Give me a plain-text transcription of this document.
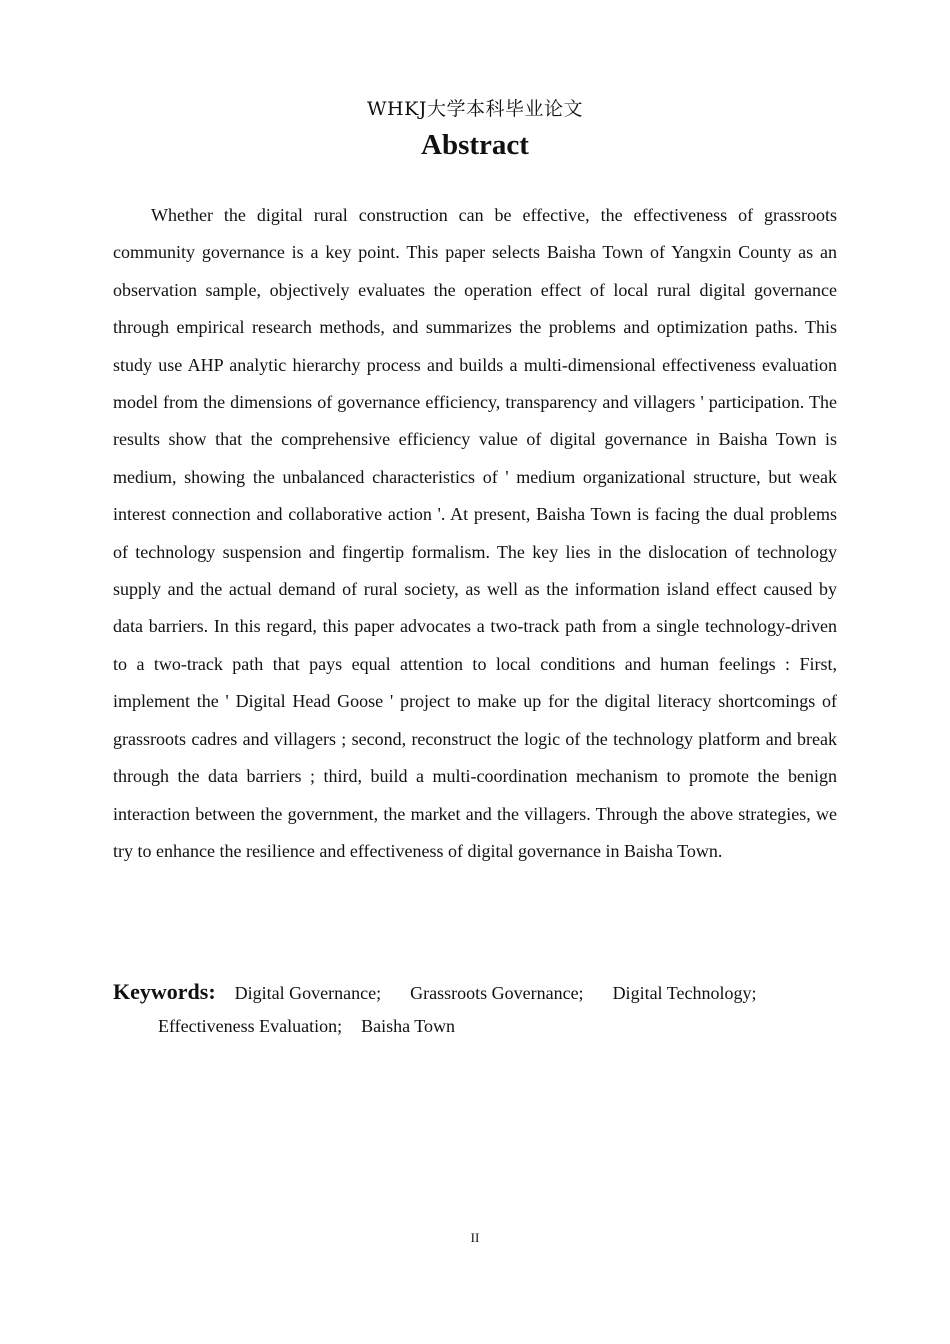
WHKJ大学本科毕业论文
Abstract

Whether the digital rural construction can be effective, the effectiveness of grassroots community governance is a key point. This paper selects Baisha Town of Yangxin County as an observation sample, objectively evaluates the operation effect of local rural digital governance through empirical research methods, and summarizes the problems and optimization paths. This study use AHP analytic hierarchy process and builds a multi-dimensional effectiveness evaluation model from the dimensions of governance efficiency, transparency and villagers ' participation. The results show that the comprehensive efficiency value of digital governance in Baisha Town is medium, showing the unbalanced characteristics of ' medium organizational structure, but weak interest connection and collaborative action '. At present, Baisha Town is facing the dual problems of technology suspension and fingertip formalism. The key lies in the dislocation of technology supply and the actual demand of rural society, as well as the information island effect caused by data barriers. In this regard, this paper advocates a two-track path from a single technology-driven to a two-track path that pays equal attention to local conditions and human feelings : First, implement the ' Digital Head Goose ' project to make up for the digital literacy shortcomings of grassroots cadres and villagers ; second, reconstruct the logic of the technology platform and break through the data barriers ; third, build a multi-coordination mechanism to promote the benign interaction between the government, the market and the villagers. Through the above strategies, we try to enhance the resilience and effectiveness of digital governance in Baisha Town.

Keywords: Digital Governance; Grassroots Governance; Digital Technology;
Effectiveness Evaluation; Baisha Town
II
